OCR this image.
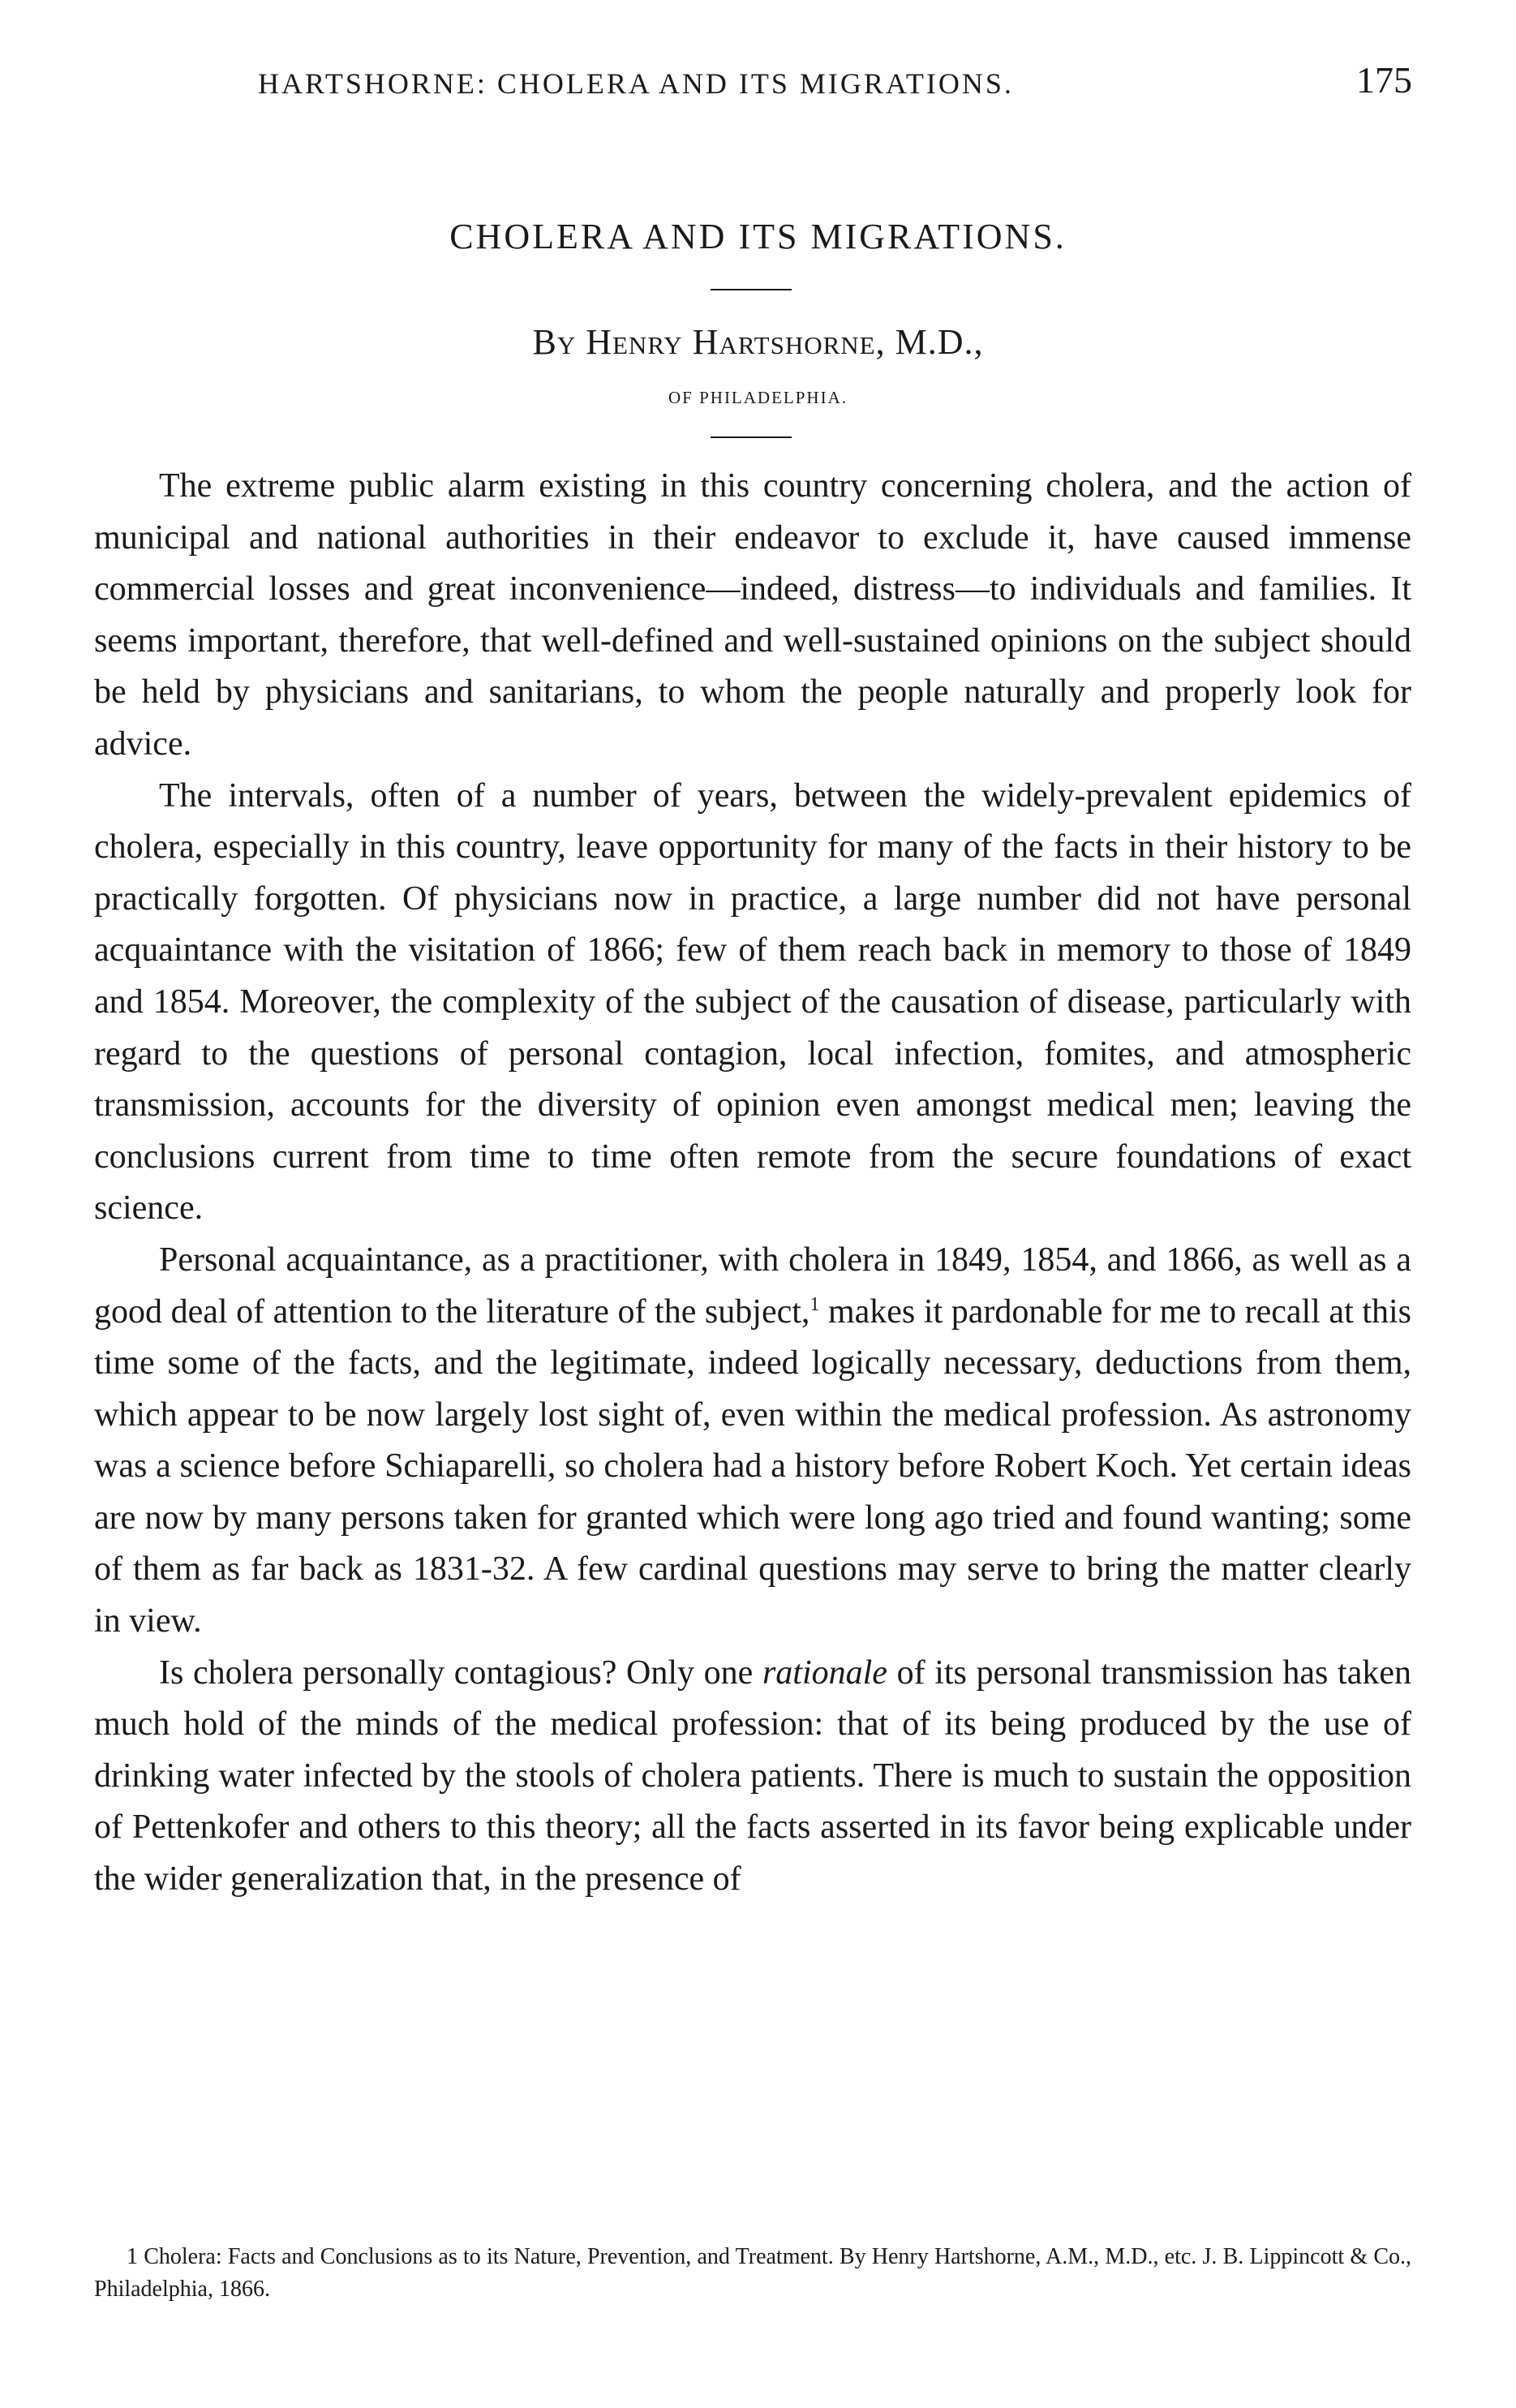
HARTSHORNE: CHOLERA AND ITS MIGRATIONS.	175
CHOLERA AND ITS MIGRATIONS.
By Henry Hartshorne, M.D.,
OF PHILADELPHIA.

The extreme public alarm existing in this country concerning cholera, and the action of municipal and national authorities in their endeavor to exclude it, have caused immense commercial losses and great inconvenience—indeed, distress—to individuals and families. It seems important, therefore, that well-defined and well-sustained opinions on the subject should be held by physicians and sanitarians, to whom the people naturally and properly look for advice.

The intervals, often of a number of years, between the widely-prevalent epidemics of cholera, especially in this country, leave opportunity for many of the facts in their history to be practically forgotten. Of physicians now in practice, a large number did not have personal acquaintance with the visitation of 1866; few of them reach back in memory to those of 1849 and 1854. Moreover, the complexity of the subject of the causation of disease, particularly with regard to the questions of personal contagion, local infection, fomites, and atmospheric transmission, accounts for the diversity of opinion even amongst medical men; leaving the conclusions current from time to time often remote from the secure foundations of exact science.

Personal acquaintance, as a practitioner, with cholera in 1849, 1854, and 1866, as well as a good deal of attention to the literature of the subject,$^1$ makes it pardonable for me to recall at this time some of the facts, and the legitimate, indeed logically necessary, deductions from them, which appear to be now largely lost sight of, even within the medical profession. As astronomy was a science before Schiaparelli, so cholera had a history before Robert Koch. Yet certain ideas are now by many persons taken for granted which were long ago tried and found wanting; some of them as far back as 1831-32. A few cardinal questions may serve to bring the matter clearly in view.

Is cholera personally contagious? Only one rationale of its personal transmission has taken much hold of the minds of the medical profession: that of its being produced by the use of drinking water infected by the stools of cholera patients. There is much to sustain the opposition of Pettenkofer and others to this theory; all the facts asserted in its favor being explicable under the wider generalization that, in the presence of

1 Cholera: Facts and Conclusions as to its Nature, Prevention, and Treatment. By Henry Hartshorne, A.M., M.D., etc. J. B. Lippincott & Co., Philadelphia, 1866.
